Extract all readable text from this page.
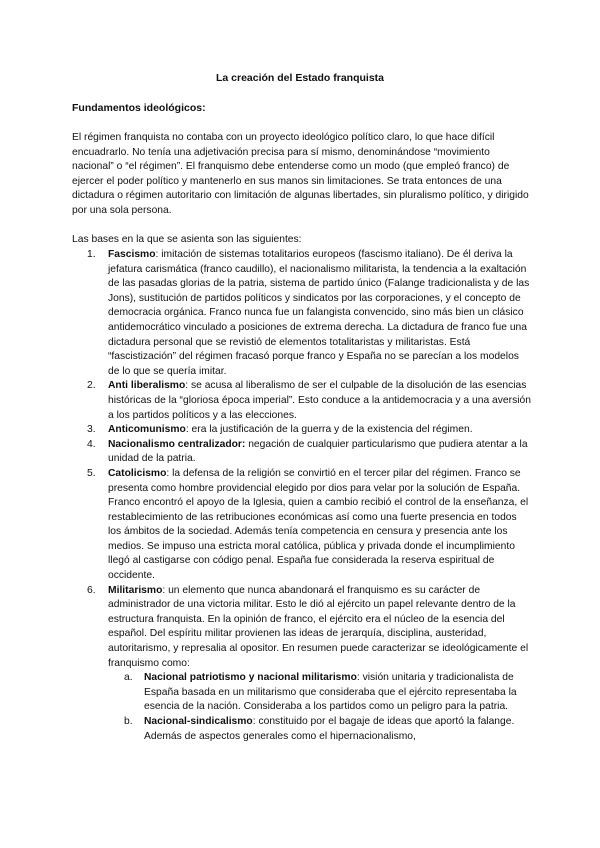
La creación del Estado franquista
Fundamentos ideológicos:

El régimen franquista no contaba con un proyecto ideológico político claro, lo que hace difícil encuadrarlo. No tenía una adjetivación precisa para sí mismo, denominándose “movimiento nacional” o “el régimen”. El franquismo debe entenderse como un modo (que empleó franco) de ejercer el poder político y mantenerlo en sus manos sin limitaciones. Se trata entonces de una dictadura o régimen autoritario con limitación de algunas libertades, sin pluralismo político, y dirigido por una sola persona.

Las bases en la que se asienta son las siguientes:

1. Fascismo: imitación de sistemas totalitarios europeos (fascismo italiano). De él deriva la jefatura carismática (franco caudillo), el nacionalismo militarista, la tendencia a la exaltación de las pasadas glorias de la patria, sistema de partido único (Falange tradicionalista y de las Jons), sustitución de partidos políticos y sindicatos por las corporaciones, y el concepto de democracia orgánica. Franco nunca fue un falangista convencido, sino más bien un clásico antidemocrático vinculado a posiciones de extrema derecha. La dictadura de franco fue una dictadura personal que se revistió de elementos totalitaristas y militaristas. Está “fascistización” del régimen fracasó porque franco y España no se parecían a los modelos de lo que se quería imitar.
2. Anti liberalismo: se acusa al liberalismo de ser el culpable de la disolución de las esencias históricas de la “gloriosa época imperial”. Esto conduce a la antidemocracia y a una aversión a los partidos políticos y a las elecciones.
3. Anticomunismo: era la justificación de la guerra y de la existencia del régimen.
4. Nacionalismo centralizador: negación de cualquier particularismo que pudiera atentar a la unidad de la patria.
5. Catolicismo: la defensa de la religión se convirtió en el tercer pilar del régimen. Franco se presenta como hombre providencial elegido por dios para velar por la solución de España. Franco encontró el apoyo de la Iglesia, quien a cambio recibió el control de la enseñanza, el restablecimiento de las retribuciones económicas así como una fuerte presencia en todos los ámbitos de la sociedad. Además tenía competencia en censura y presencia ante los medios. Se impuso una estricta moral católica, pública y privada donde el incumplimiento llegó al castigarse con código penal. España fue considerada la reserva espiritual de occidente.
6. Militarismo: un elemento que nunca abandonará el franquismo es su carácter de administrador de una victoria militar. Esto le dió al ejército un papel relevante dentro de la estructura franquista. En la opinión de franco, el ejército era el núcleo de la esencia del español. Del espíritu militar provienen las ideas de jerarquía, disciplina, austeridad, autoritarismo, y represalia al opositor. En resumen puede caracterizar se ideológicamente el franquismo como:
a. Nacional patriotismo y nacional militarismo: visión unitaria y tradicionalista de España basada en un militarismo que consideraba que el ejército representaba la esencia de la nación. Consideraba a los partidos como un peligro para la patria.
b. Nacional-sindicalismo: constituido por el bagaje de ideas que aportó la falange. Además de aspectos generales como el hipernacionalismo,
